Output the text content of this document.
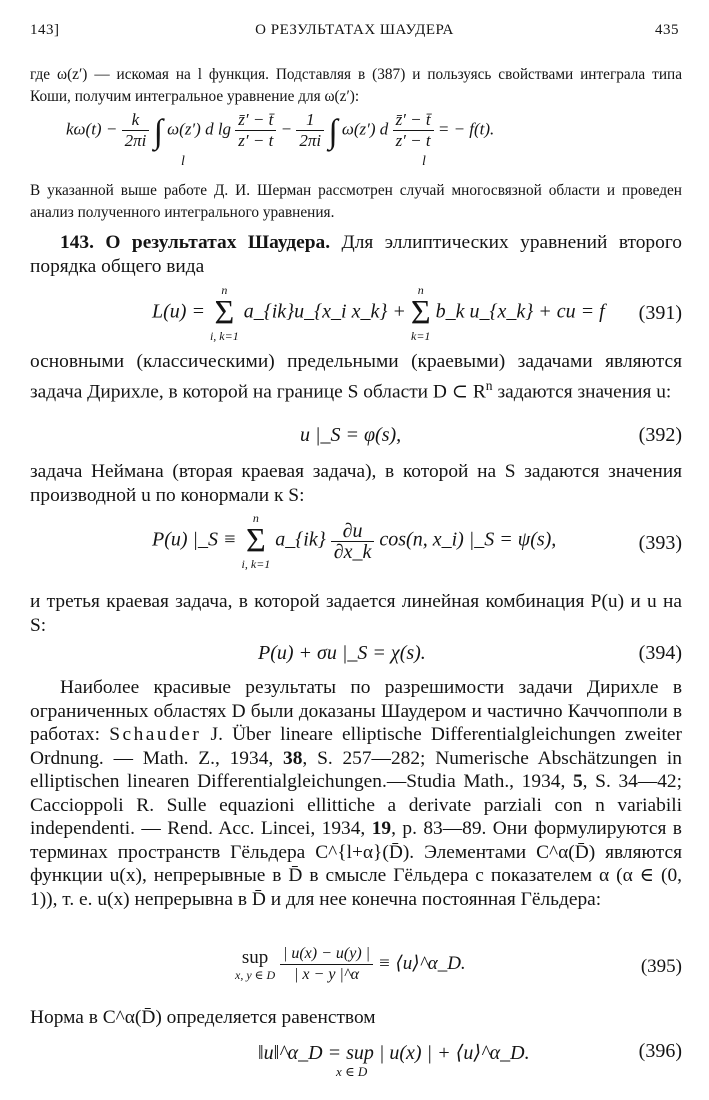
143]	О РЕЗУЛЬТАТАХ ШАУДЕРА	435
где ω(z′) — искомая на l функция. Подставляя в (387) и пользуясь свойствами интеграла типа Коши, получим интегральное уравнение для ω(z′):
$k\omega(t) - \frac{k}{2\pi i}$ ∫ ω(z′) d $\lg \frac{z̄' - t̄}{z' - t} - \frac{1}{2\pi i}$ ∫ ω(z′) d $\frac{z̄' - t̄}{z' - t}$ = − f(t).
l	l
В указанной выше работе Д. И. Шерман рассмотрен случай многосвязной области и проведен анализ полученного интегрального уравнения.
143. О результатах Шаудера. Для эллиптических уравнений второго порядка общего вида
L(u) =
n
Σ
i, k=1
a_{ik}u_{x_i x_k} +
n
Σ
k=1
b_k u_{x_k} + cu = f (391)
основными (классическими) предельными (краевыми) задачами являются задача Дирихле, в которой на границе S области D ⊂ $R^n$ задаются значения u:
u |_S = φ(s),	(392)
задача Неймана (вторая краевая задача), в которой на S задаются значения производной u по конормали к S:
P(u) |_S ≡
n
Σ
i, k=1
a_{ik} $\frac{\partial u}{\partial x\_k} \cos(n$, x_i) |_S = ψ(s),	(393)
и третья краевая задача, в которой задается линейная комбинация P(u) и u на S:
P(u) + σu |_S = χ(s).	(394)
Наиболее красивые результаты по разрешимости задачи Дирихле в ограниченных областях D были доказаны Шаудером и частично Каччопполи в работах: Schauder J. Über lineare elliptische Differentialgleichungen zweiter Ordnung. — Math. Z., 1934, 38, S. 257—282; Numerische Abschätzungen in elliptischen linearen Differentialgleichungen.—Studia Math., 1934, 5, S. 34—42; Caccioppoli R. Sulle equazioni ellittiche a derivate parziali con n variabili independenti. — Rend. Acc. Lincei, 1934, 19, p. 83—89. Они формулируются в терминах пространств Гёльдера C^{l+α}(D̄). Элементами C^α(D̄) являются функции u(x), непрерывные в D̄ в смысле Гёльдера с показателем α (α ∈ (0, 1)), т. е. u(x) непрерывна в D̄ и для нее конечна постоянная Гёльдера:
sup
x, y ∈ D
$\frac{| u(x) - u(y) |}{| x - y |\^{}\alpha}$ ≡ ⟨u⟩^α_D.	(395)
Норма в C^α(D̄) определяется равенством
‖u‖^α_D = sup | u(x) | + ⟨u⟩^α_D.
x ∈ D
(396)
